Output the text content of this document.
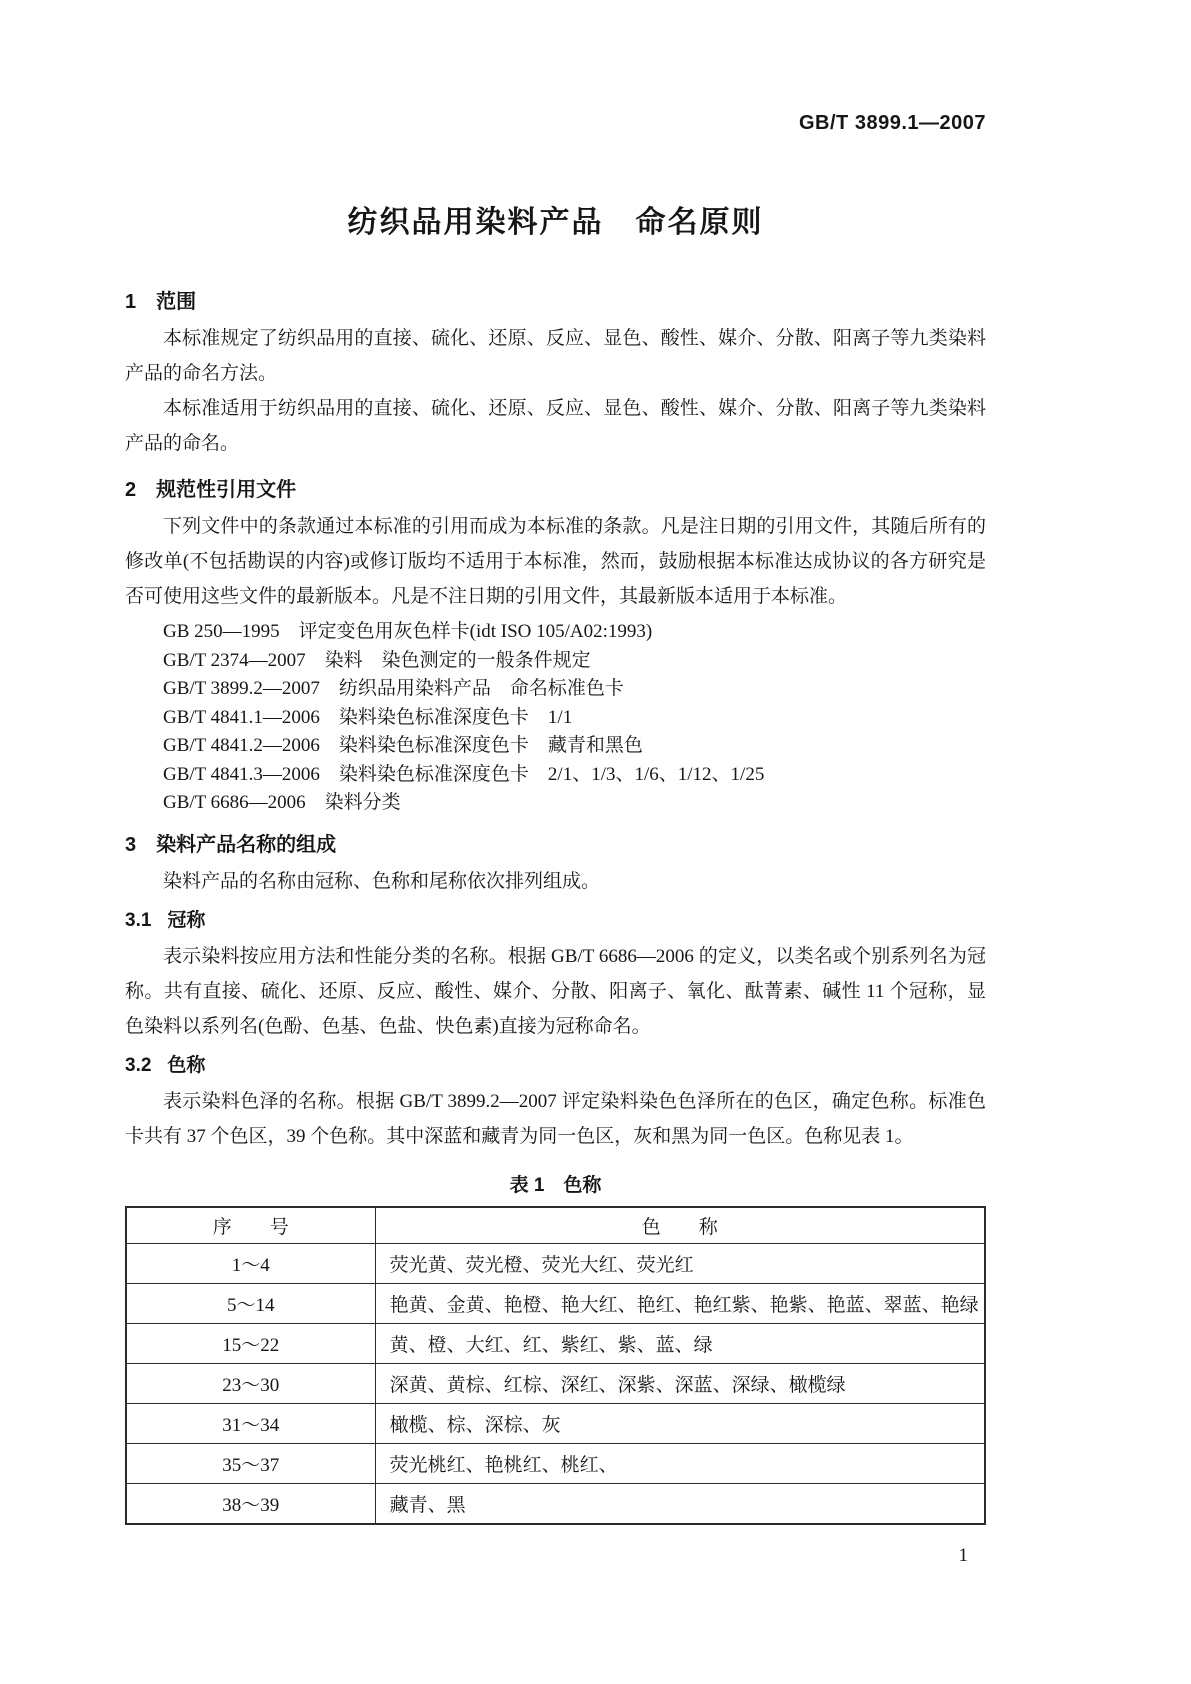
GB/T 3899.1—2007
纺织品用染料产品　命名原则
1 范围
本标准规定了纺织品用的直接、硫化、还原、反应、显色、酸性、媒介、分散、阳离子等九类染料产品的命名方法。
本标准适用于纺织品用的直接、硫化、还原、反应、显色、酸性、媒介、分散、阳离子等九类染料产品的命名。
2 规范性引用文件
下列文件中的条款通过本标准的引用而成为本标准的条款。凡是注日期的引用文件，其随后所有的修改单(不包括勘误的内容)或修订版均不适用于本标准，然而，鼓励根据本标准达成协议的各方研究是否可使用这些文件的最新版本。凡是不注日期的引用文件，其最新版本适用于本标准。
GB 250—1995　评定变色用灰色样卡(idt ISO 105/A02:1993)
GB/T 2374—2007　染料　染色测定的一般条件规定
GB/T 3899.2—2007　纺织品用染料产品　命名标准色卡
GB/T 4841.1—2006　染料染色标准深度色卡　1/1
GB/T 4841.2—2006　染料染色标准深度色卡　藏青和黑色
GB/T 4841.3—2006　染料染色标准深度色卡　2/1、1/3、1/6、1/12、1/25
GB/T 6686—2006　染料分类
3 染料产品名称的组成
染料产品的名称由冠称、色称和尾称依次排列组成。
3.1 冠称
表示染料按应用方法和性能分类的名称。根据 GB/T 6686—2006 的定义，以类名或个别系列名为冠称。共有直接、硫化、还原、反应、酸性、媒介、分散、阳离子、氧化、酞菁素、碱性 11 个冠称，显色染料以系列名(色酚、色基、色盐、快色素)直接为冠称命名。
3.2 色称
表示染料色泽的名称。根据 GB/T 3899.2—2007 评定染料染色色泽所在的色区，确定色称。标准色卡共有 37 个色区，39 个色称。其中深蓝和藏青为同一色区，灰和黑为同一色区。色称见表 1。
表 1　色称
序　　号	色　　称
1～4	荧光黄、荧光橙、荧光大红、荧光红
5～14	艳黄、金黄、艳橙、艳大红、艳红、艳红紫、艳紫、艳蓝、翠蓝、艳绿
15～22	黄、橙、大红、红、紫红、紫、蓝、绿
23～30	深黄、黄棕、红棕、深红、深紫、深蓝、深绿、橄榄绿
31～34	橄榄、棕、深棕、灰
35～37	荧光桃红、艳桃红、桃红、
38～39	藏青、黑
1
